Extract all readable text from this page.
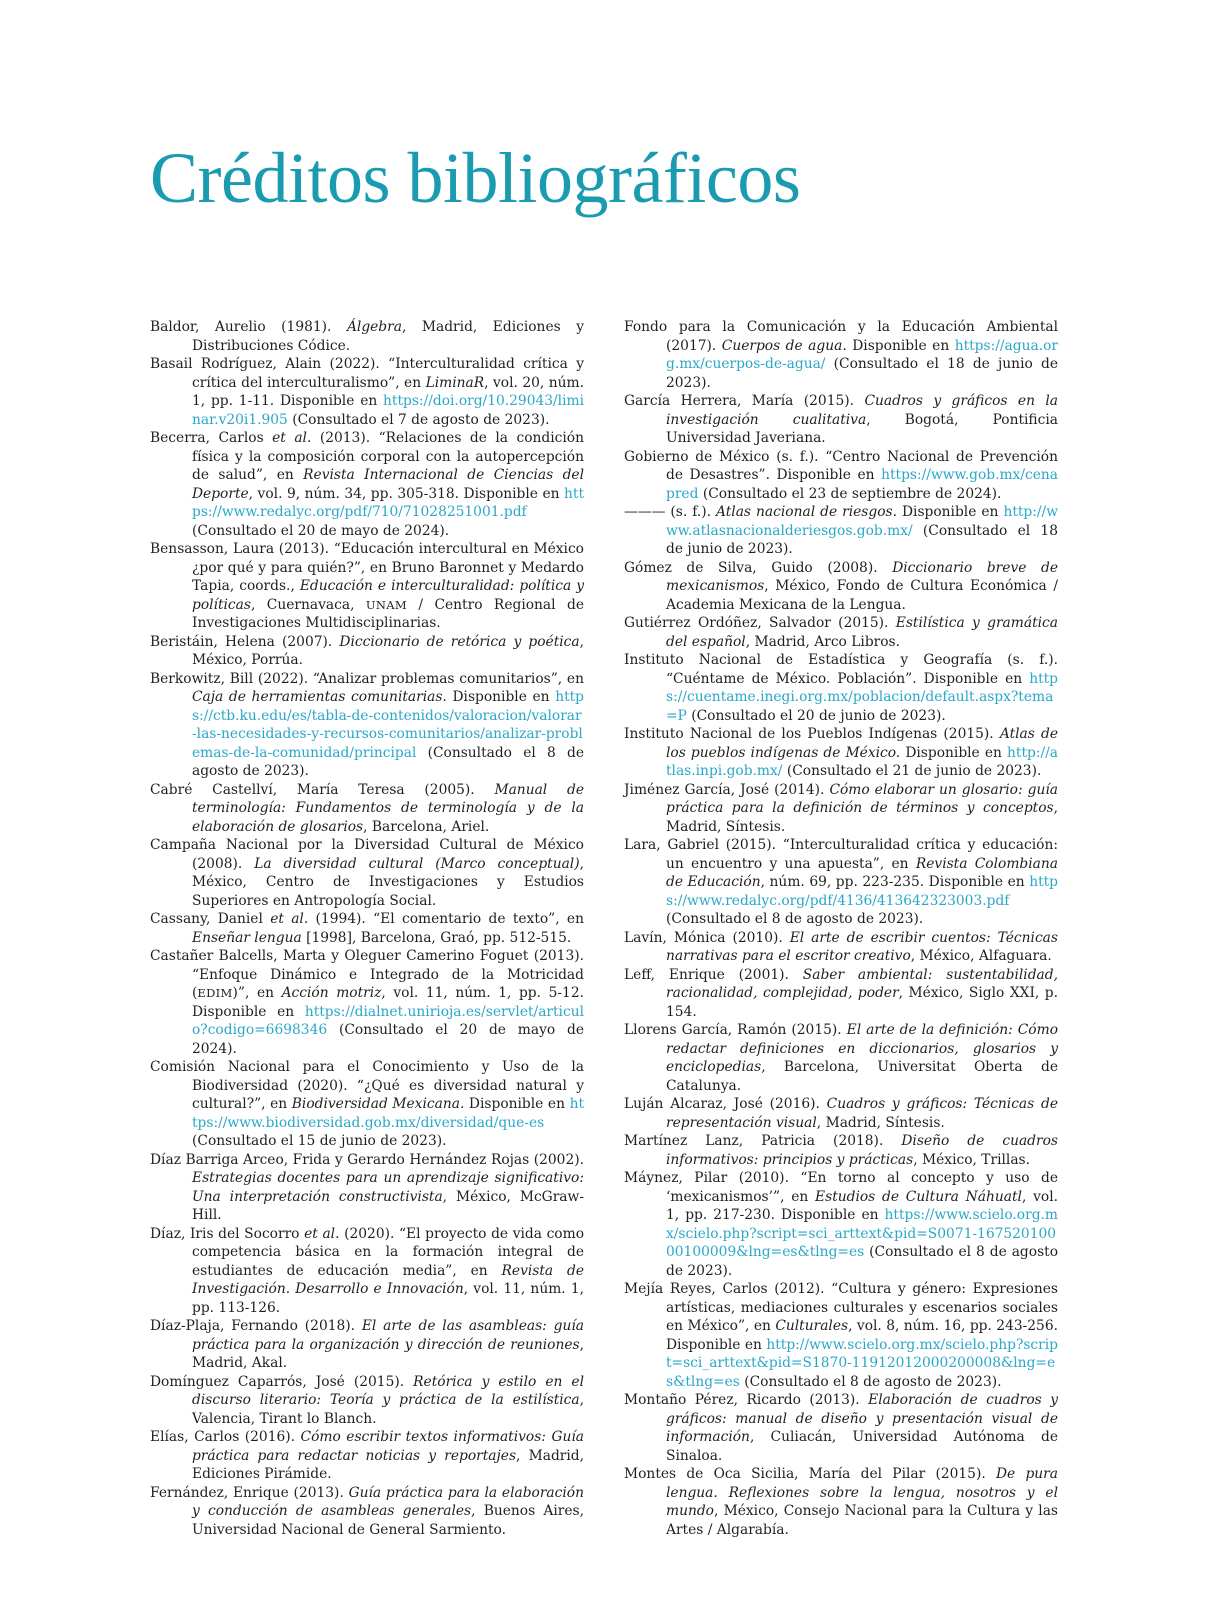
Créditos bibliográficos

Baldor, Aurelio (1981). Álgebra, Madrid, Ediciones y Distribuciones Códice.

Basail Rodríguez, Alain (2022). “Interculturalidad crítica y crítica del interculturalismo”, en LiminaR, vol. 20, núm. 1, pp. 1-11. Disponible en https://doi.org/10.29043/liminar.v20i1.905 (Consultado el 7 de agosto de 2023).

Becerra, Carlos et al. (2013). “Relaciones de la condición física y la composición corporal con la autopercepción de salud”, en Revista Internacional de Ciencias del Deporte, vol. 9, núm. 34, pp. 305-318. Disponible en https://www.redalyc.org/pdf/710/71028251001.pdf (Consultado el 20 de mayo de 2024).

Bensasson, Laura (2013). “Educación intercultural en México ¿por qué y para quién?”, en Bruno Baronnet y Medardo Tapia, coords., Educación e interculturalidad: política y políticas, Cuernavaca, UNAM / Centro Regional de Investigaciones Multidisciplinarias.

Beristáin, Helena (2007). Diccionario de retórica y poética, México, Porrúa.

Berkowitz, Bill (2022). “Analizar problemas comunitarios”, en Caja de herramientas comunitarias. Disponible en https://ctb.ku.edu/es/tabla-de-contenidos/valoracion/valorar-las-necesidades-y-recursos-comunitarios/analizar-problemas-de-la-comunidad/principal (Consultado el 8 de agosto de 2023).

Cabré Castellví, María Teresa (2005). Manual de terminología: Fundamentos de terminología y de la elaboración de glosarios, Barcelona, Ariel.

Campaña Nacional por la Diversidad Cultural de México (2008). La diversidad cultural (Marco conceptual), México, Centro de Investigaciones y Estudios Superiores en Antropología Social.

Cassany, Daniel et al. (1994). “El comentario de texto”, en Enseñar lengua [1998], Barcelona, Graó, pp. 512-515.

Castañer Balcells, Marta y Oleguer Camerino Foguet (2013). “Enfoque Dinámico e Integrado de la Motricidad (EDIM)”, en Acción motriz, vol. 11, núm. 1, pp. 5-12. Disponible en https://dialnet.unirioja.es/servlet/articulo?codigo=6698346 (Consultado el 20 de mayo de 2024).

Comisión Nacional para el Conocimiento y Uso de la Biodiversidad (2020). “¿Qué es diversidad natural y cultural?”, en Biodiversidad Mexicana. Disponible en https://www.biodiversidad.gob.mx/diversidad/que-es (Consultado el 15 de junio de 2023).

Díaz Barriga Arceo, Frida y Gerardo Hernández Rojas (2002). Estrategias docentes para un aprendizaje significativo: Una interpretación constructivista, México, McGraw-Hill.

Díaz, Iris del Socorro et al. (2020). “El proyecto de vida como competencia básica en la formación integral de estudiantes de educación media”, en Revista de Investigación. Desarrollo e Innovación, vol. 11, núm. 1, pp. 113-126.

Díaz-Plaja, Fernando (2018). El arte de las asambleas: guía práctica para la organización y dirección de reuniones, Madrid, Akal.

Domínguez Caparrós, José (2015). Retórica y estilo en el discurso literario: Teoría y práctica de la estilística, Valencia, Tirant lo Blanch.

Elías, Carlos (2016). Cómo escribir textos informativos: Guía práctica para redactar noticias y reportajes, Madrid, Ediciones Pirámide.

Fernández, Enrique (2013). Guía práctica para la elaboración y conducción de asambleas generales, Buenos Aires, Universidad Nacional de General Sarmiento.

Fondo para la Comunicación y la Educación Ambiental (2017). Cuerpos de agua. Disponible en https://agua.org.mx/cuerpos-de-agua/ (Consultado el 18 de junio de 2023).

García Herrera, María (2015). Cuadros y gráficos en la investigación cualitativa, Bogotá, Pontificia Universidad Javeriana.

Gobierno de México (s. f.). “Centro Nacional de Prevención de Desastres”. Disponible en https://www.gob.mx/cenapred (Consultado el 23 de septiembre de 2024).

——— (s. f.). Atlas nacional de riesgos. Disponible en http://www.atlasnacionalderiesgos.gob.mx/ (Consultado el 18 de junio de 2023).

Gómez de Silva, Guido (2008). Diccionario breve de mexicanismos, México, Fondo de Cultura Económica / Academia Mexicana de la Lengua.

Gutiérrez Ordóñez, Salvador (2015). Estilística y gramática del español, Madrid, Arco Libros.

Instituto Nacional de Estadística y Geografía (s. f.). “Cuéntame de México. Población”. Disponible en https://cuentame.inegi.org.mx/poblacion/default.aspx?tema=P (Consultado el 20 de junio de 2023).

Instituto Nacional de los Pueblos Indígenas (2015). Atlas de los pueblos indígenas de México. Disponible en http://atlas.inpi.gob.mx/ (Consultado el 21 de junio de 2023).

Jiménez García, José (2014). Cómo elaborar un glosario: guía práctica para la definición de términos y conceptos, Madrid, Síntesis.

Lara, Gabriel (2015). “Interculturalidad crítica y educación: un encuentro y una apuesta”, en Revista Colombiana de Educación, núm. 69, pp. 223-235. Disponible en https://www.redalyc.org/pdf/4136/413642323003.pdf (Consultado el 8 de agosto de 2023).

Lavín, Mónica (2010). El arte de escribir cuentos: Técnicas narrativas para el escritor creativo, México, Alfaguara.

Leff, Enrique (2001). Saber ambiental: sustentabilidad, racionalidad, complejidad, poder, México, Siglo XXI, p. 154.

Llorens García, Ramón (2015). El arte de la definición: Cómo redactar definiciones en diccionarios, glosarios y enciclopedias, Barcelona, Universitat Oberta de Catalunya.

Luján Alcaraz, José (2016). Cuadros y gráficos: Técnicas de representación visual, Madrid, Síntesis.

Martínez Lanz, Patricia (2018). Diseño de cuadros informativos: principios y prácticas, México, Trillas.

Máynez, Pilar (2010). “En torno al concepto y uso de ‘mexicanismos’”, en Estudios de Cultura Náhuatl, vol. 1, pp. 217-230. Disponible en https://www.scielo.org.mx/scielo.php?script=sci_arttext&pid=S0071-16752010000100009&lng=es&tlng=es (Consultado el 8 de agosto de 2023).

Mejía Reyes, Carlos (2012). “Cultura y género: Expresiones artísticas, mediaciones culturales y escenarios sociales en México”, en Culturales, vol. 8, núm. 16, pp. 243-256. Disponible en http://www.scielo.org.mx/scielo.php?script=sci_arttext&pid=S1870-11912012000200008&lng=es&tlng=es (Consultado el 8 de agosto de 2023).

Montaño Pérez, Ricardo (2013). Elaboración de cuadros y gráficos: manual de diseño y presentación visual de información, Culiacán, Universidad Autónoma de Sinaloa.

Montes de Oca Sicilia, María del Pilar (2015). De pura lengua. Reflexiones sobre la lengua, nosotros y el mundo, México, Consejo Nacional para la Cultura y las Artes / Algarabía.
